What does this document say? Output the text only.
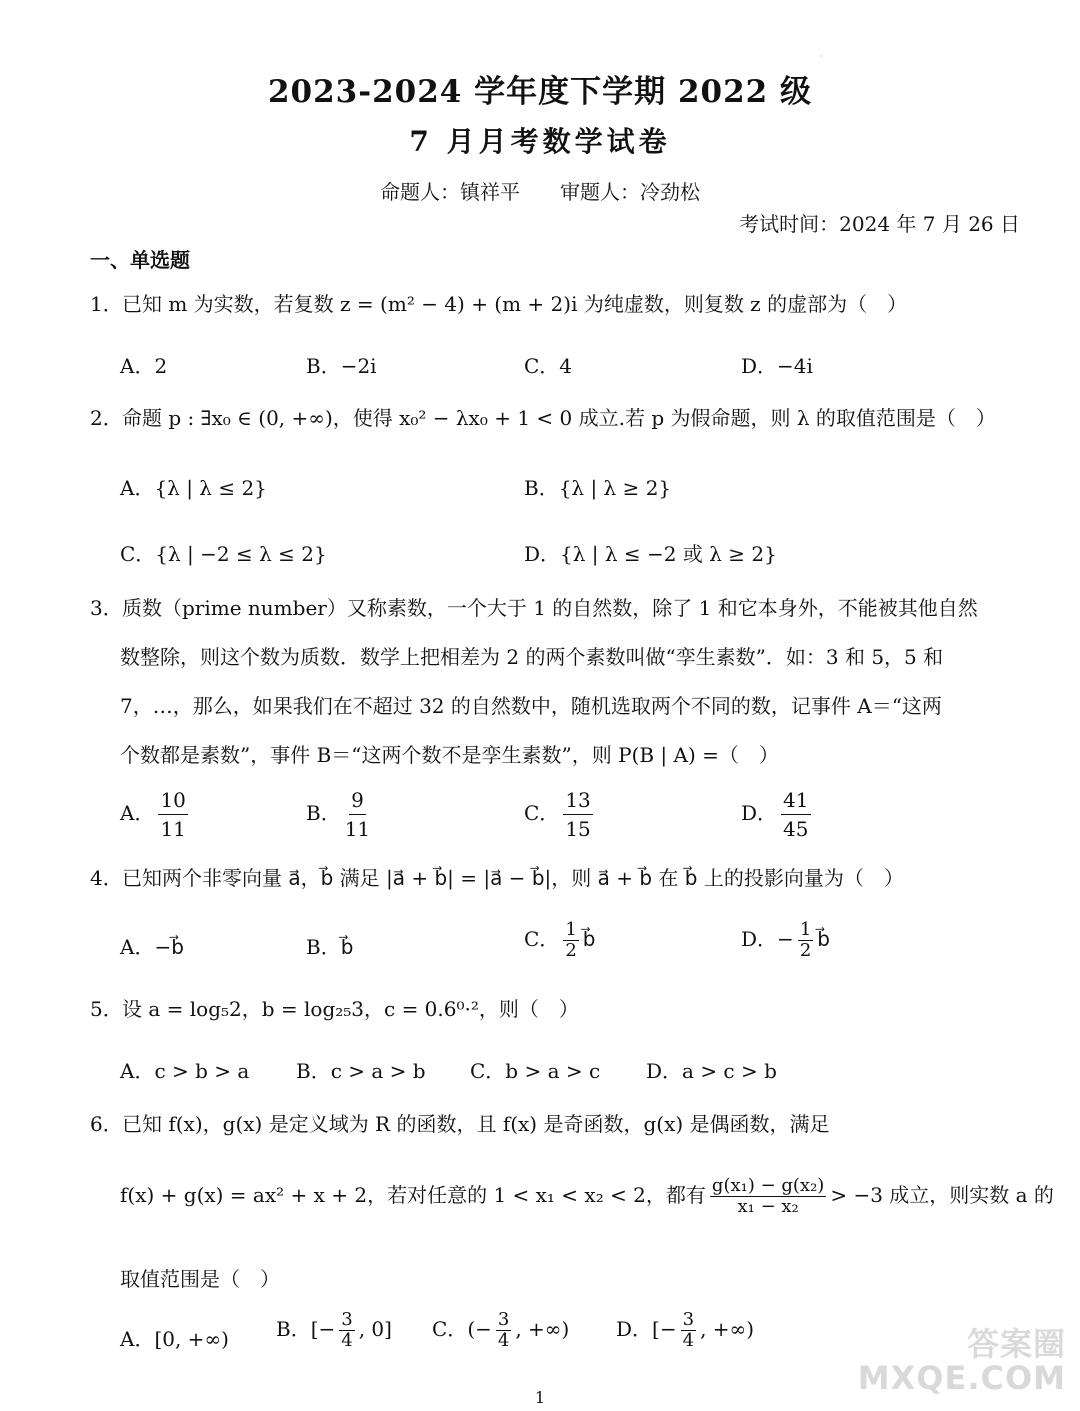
·
2023-2024 学年度下学期 2022 级
7 月月考数学试卷
命题人：镇祥平 审题人：冷劲松
考试时间：2024 年 7 月 26 日
一、单选题
1．已知 m 为实数，若复数 z = (m² − 4) + (m + 2)i 为纯虚数，则复数 z 的虚部为（　）
A．2	B．−2i	C．4	D．−4i
2．命题 p : ∃x₀ ∈ (0, +∞)，使得 x₀² − λx₀ + 1 < 0 成立.若 p 为假命题，则 λ 的取值范围是（　）
A．{λ | λ ≤ 2}	B．{λ | λ ≥ 2}
C．{λ | −2 ≤ λ ≤ 2}	D．{λ | λ ≤ −2 或 λ ≥ 2}
3．质数（prime number）又称素数，一个大于 1 的自然数，除了 1 和它本身外，不能被其他自然
数整除，则这个数为质数．数学上把相差为 2 的两个素数叫做“孪生素数”．如：3 和 5，5 和
7，…，那么，如果我们在不超过 32 的自然数中，随机选取两个不同的数，记事件 A＝“这两
个数都是素数”，事件 B＝“这两个数不是孪生素数”，则 P(B | A) =（　）
A． $\frac{10}{11}$	B． $\frac{9}{11}$	C． $\frac{13}{15}$	D． $\frac{41}{45}$
4．已知两个非零向量 a⃗，b⃗ 满足 |a⃗ + b⃗| = |a⃗ − b⃗|，则 a⃗ + b⃗ 在 b⃗ 上的投影向量为（　）
A．−b⃗	B．b⃗	C． $\frac{1}{2}$ b⃗	D．− $\frac{1}{2}$ b⃗
5．设 a = log₅2，b = log₂₅3，c = 0.6⁰·²，则（　）
A．c > b > a B．c > a > b C．b > a > c D．a > c > b
6．已知 f(x)，g(x) 是定义域为 R 的函数，且 f(x) 是奇函数，g(x) 是偶函数，满足
f(x) + g(x) = ax² + x + 2，若对任意的 1 < x₁ < x₂ < 2，都有 $\frac{\text{g(x₁) − g(x₂)}}{\text{x₁ − x₂}} > -3$ 成立，则实数 a 的
取值范围是（　）
A．[0, +∞) B．[− $\frac{3}{4}$ , 0] C．(− $\frac{3}{4}$ , +∞) D．[− $\frac{3}{4}$ , +∞)	答案圈
MXQE.COM
1
